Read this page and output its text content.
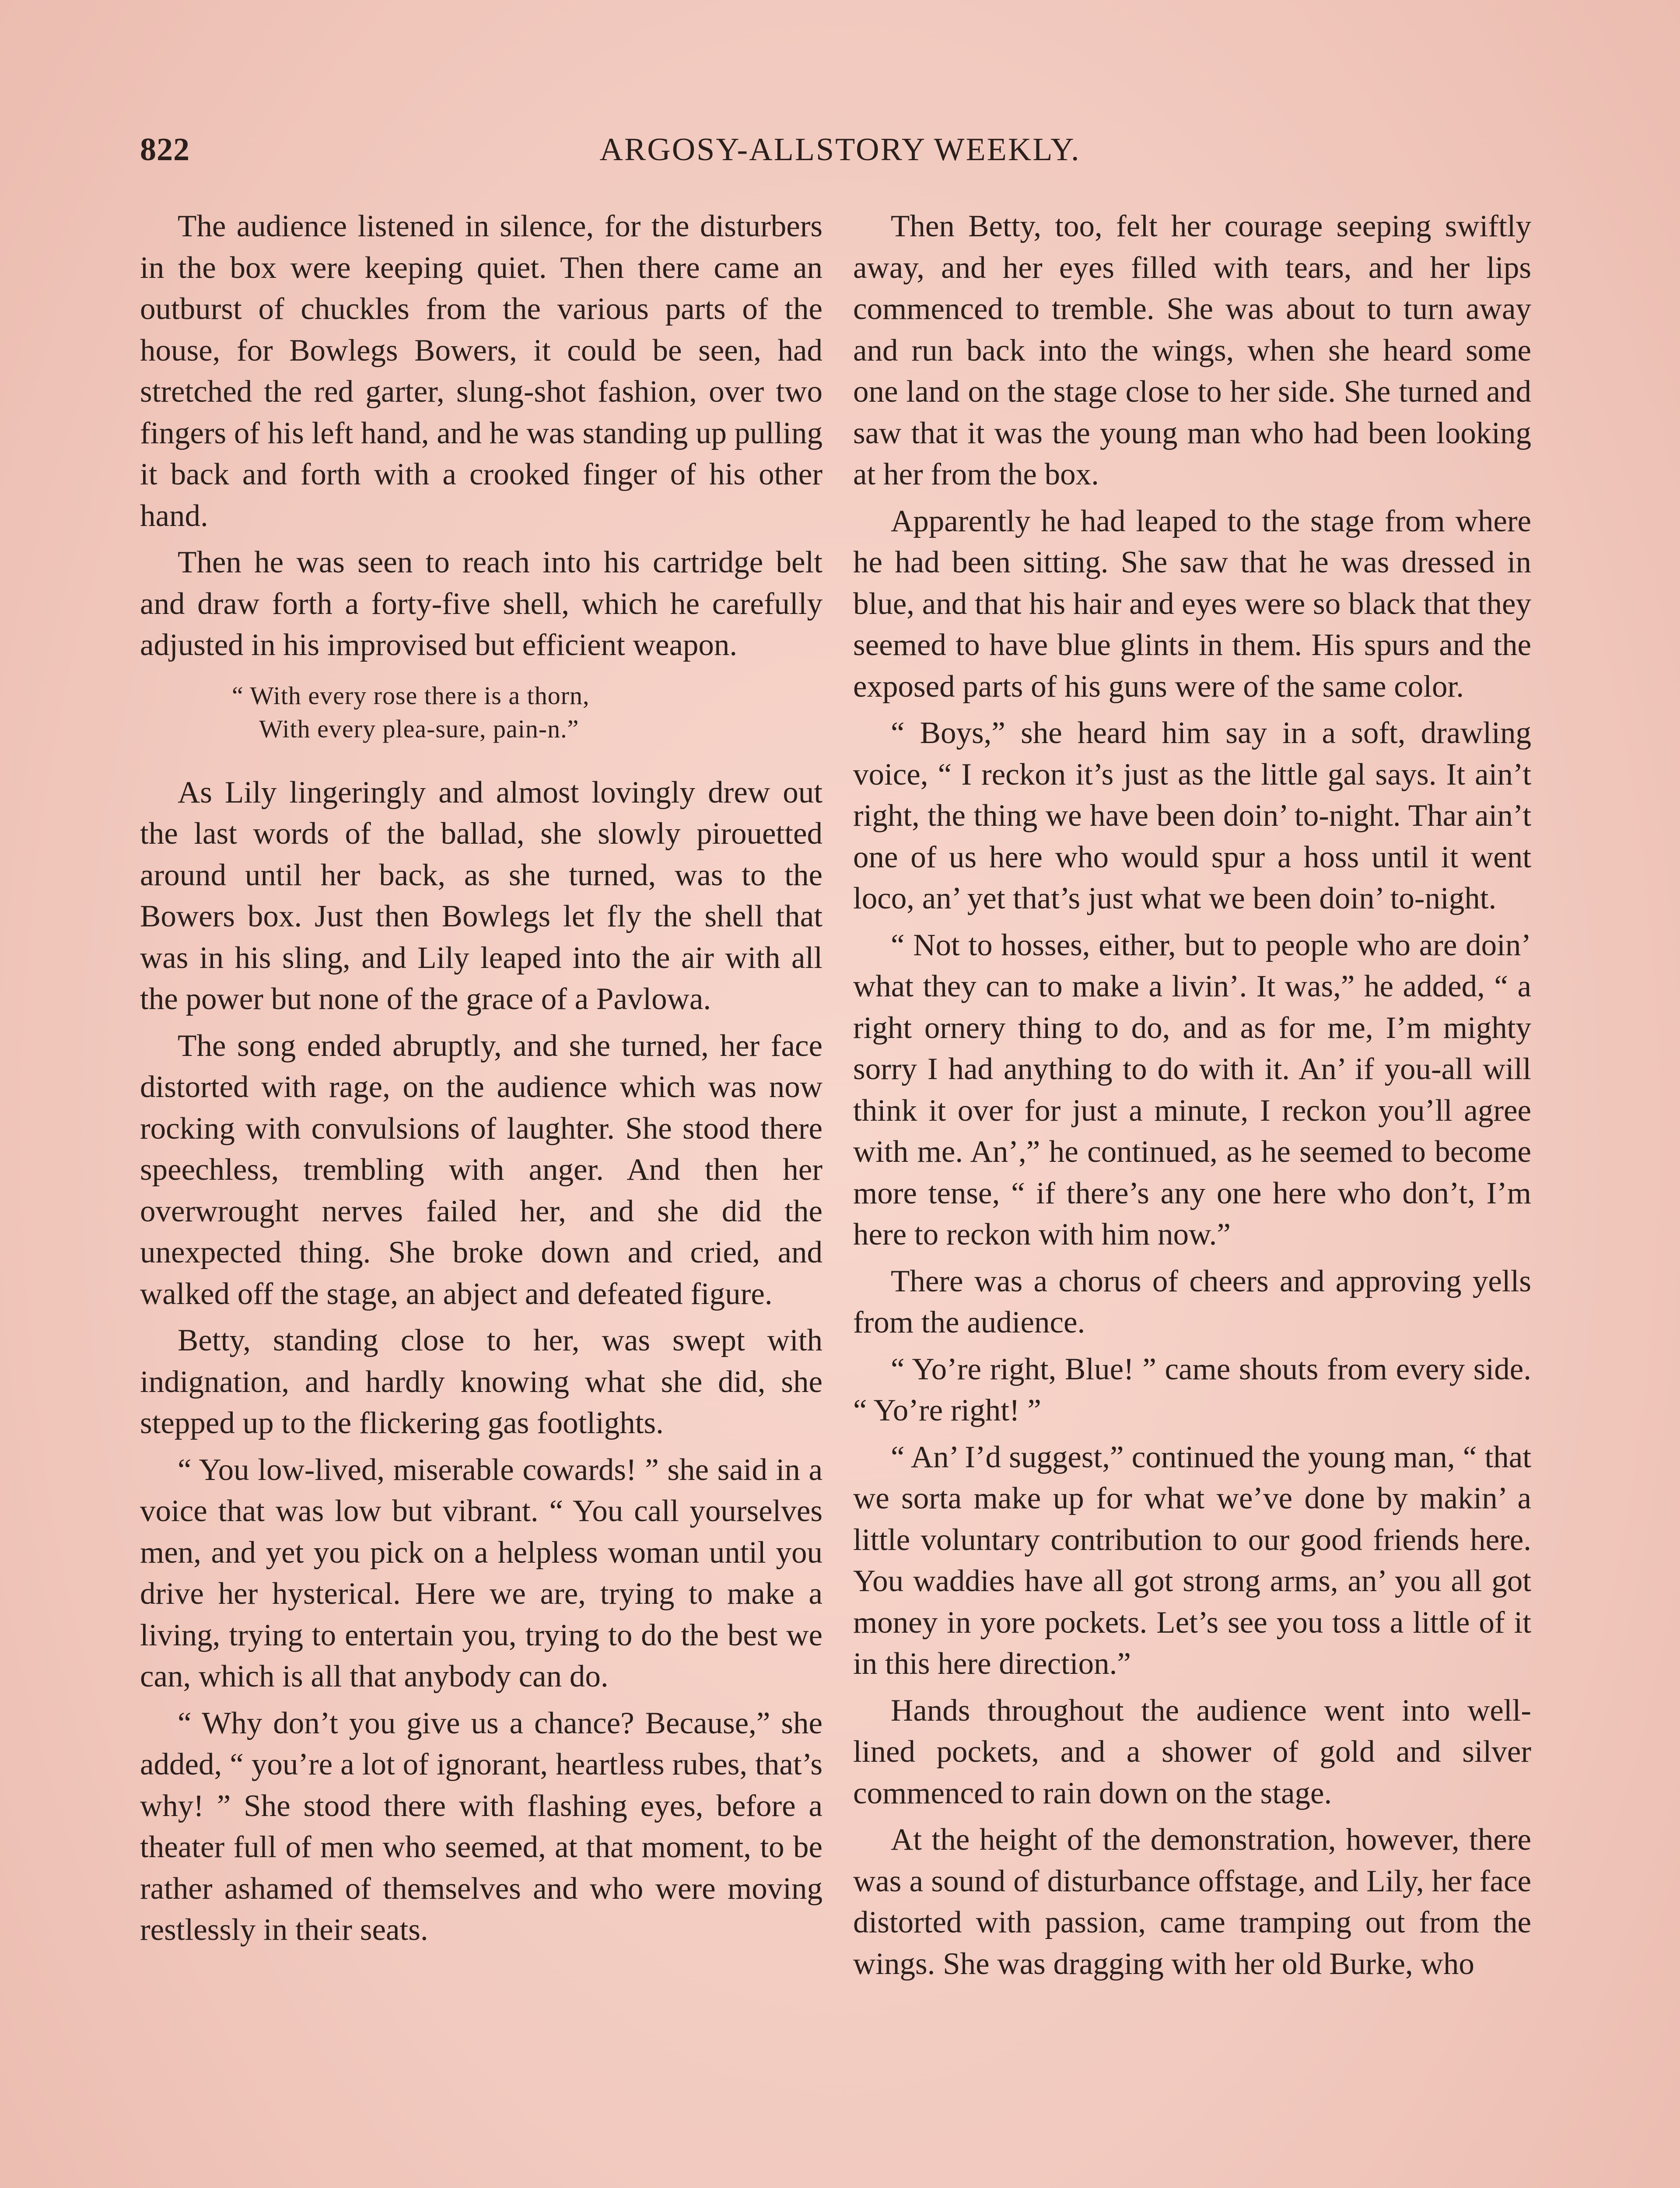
822	ARGOSY-ALLSTORY WEEKLY.

The audience listened in silence, for the disturbers in the box were keeping quiet. Then there came an outburst of chuckles from the various parts of the house, for Bowlegs Bowers, it could be seen, had stretched the red garter, slung-shot fashion, over two fingers of his left hand, and he was standing up pulling it back and forth with a crooked finger of his other hand.

Then he was seen to reach into his cartridge belt and draw forth a forty-five shell, which he carefully adjusted in his improvised but efficient weapon.

“ With every rose there is a thorn,
With every plea-sure, pain-n.”

As Lily lingeringly and almost lovingly drew out the last words of the ballad, she slowly pirouetted around until her back, as she turned, was to the Bowers box. Just then Bowlegs let fly the shell that was in his sling, and Lily leaped into the air with all the power but none of the grace of a Pavlowa.

The song ended abruptly, and she turned, her face distorted with rage, on the audience which was now rocking with convulsions of laughter. She stood there speechless, trembling with anger. And then her overwrought nerves failed her, and she did the unexpected thing. She broke down and cried, and walked off the stage, an abject and defeated figure.

Betty, standing close to her, was swept with indignation, and hardly knowing what she did, she stepped up to the flickering gas footlights.

“ You low-lived, miserable cowards! ” she said in a voice that was low but vibrant. “ You call yourselves men, and yet you pick on a helpless woman until you drive her hysterical. Here we are, trying to make a living, trying to entertain you, trying to do the best we can, which is all that anybody can do.

“ Why don’t you give us a chance? Because,” she added, “ you’re a lot of ignorant, heartless rubes, that’s why! ” She stood there with flashing eyes, before a theater full of men who seemed, at that moment, to be rather ashamed of themselves and who were moving restlessly in their seats.

Then Betty, too, felt her courage seeping swiftly away, and her eyes filled with tears, and her lips commenced to tremble. She was about to turn away and run back into the wings, when she heard some one land on the stage close to her side. She turned and saw that it was the young man who had been looking at her from the box.

Apparently he had leaped to the stage from where he had been sitting. She saw that he was dressed in blue, and that his hair and eyes were so black that they seemed to have blue glints in them. His spurs and the exposed parts of his guns were of the same color.

“ Boys,” she heard him say in a soft, drawling voice, “ I reckon it’s just as the little gal says. It ain’t right, the thing we have been doin’ to-night. Thar ain’t one of us here who would spur a hoss until it went loco, an’ yet that’s just what we been doin’ to-night.

“ Not to hosses, either, but to people who are doin’ what they can to make a livin’. It was,” he added, “ a right ornery thing to do, and as for me, I’m mighty sorry I had anything to do with it. An’ if you-all will think it over for just a minute, I reckon you’ll agree with me. An’,” he continued, as he seemed to become more tense, “ if there’s any one here who don’t, I’m here to reckon with him now.”

There was a chorus of cheers and approving yells from the audience.

“ Yo’re right, Blue! ” came shouts from every side. “ Yo’re right! ”

“ An’ I’d suggest,” continued the young man, “ that we sorta make up for what we’ve done by makin’ a little voluntary contribution to our good friends here. You waddies have all got strong arms, an’ you all got money in yore pockets. Let’s see you toss a little of it in this here direction.”

Hands throughout the audience went into well-lined pockets, and a shower of gold and silver commenced to rain down on the stage.

At the height of the demonstration, however, there was a sound of disturbance offstage, and Lily, her face distorted with passion, came tramping out from the wings. She was dragging with her old Burke, who
